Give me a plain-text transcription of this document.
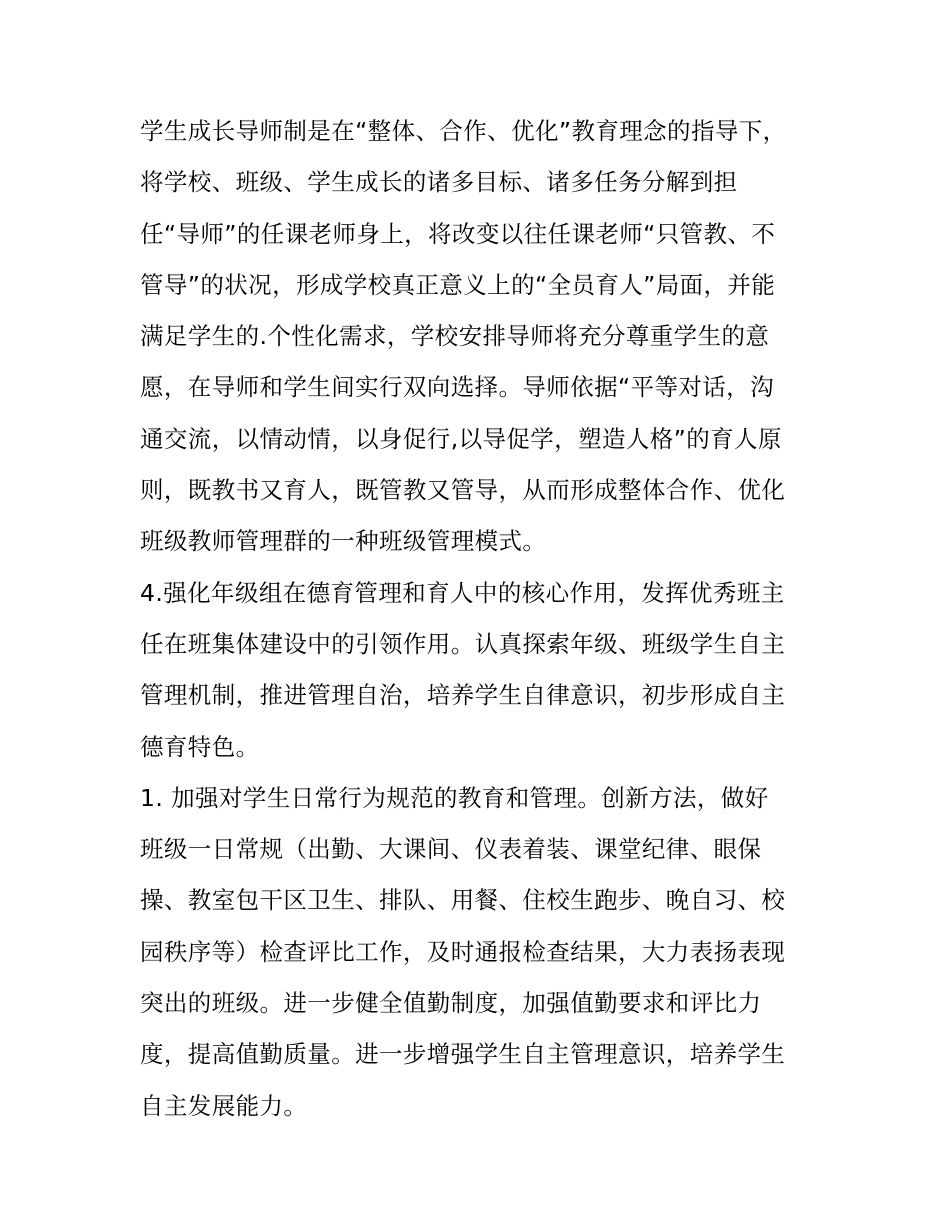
学生成长导师制是在“整体、合作、优化”教育理念的指导下，
将学校、班级、学生成长的诸多目标、诸多任务分解到担
任“导师”的任课老师身上，将改变以往任课老师“只管教、不
管导”的状况，形成学校真正意义上的“全员育人”局面，并能
满足学生的.个性化需求，学校安排导师将充分尊重学生的意
愿，在导师和学生间实行双向选择。导师依据“平等对话，沟
通交流，以情动情，以身促行,以导促学，塑造人格”的育人原
则，既教书又育人，既管教又管导，从而形成整体合作、优化
班级教师管理群的一种班级管理模式。
4.强化年级组在德育管理和育人中的核心作用，发挥优秀班主
任在班集体建设中的引领作用。认真探索年级、班级学生自主
管理机制，推进管理自治，培养学生自律意识，初步形成自主
德育特色。
1. 加强对学生日常行为规范的教育和管理。创新方法，做好
班级一日常规（出勤、大课间、仪表着装、课堂纪律、眼保
操、教室包干区卫生、排队、用餐、住校生跑步、晚自习、校
园秩序等）检查评比工作，及时通报检查结果，大力表扬表现
突出的班级。进一步健全值勤制度，加强值勤要求和评比力
度，提高值勤质量。进一步增强学生自主管理意识，培养学生
自主发展能力。
